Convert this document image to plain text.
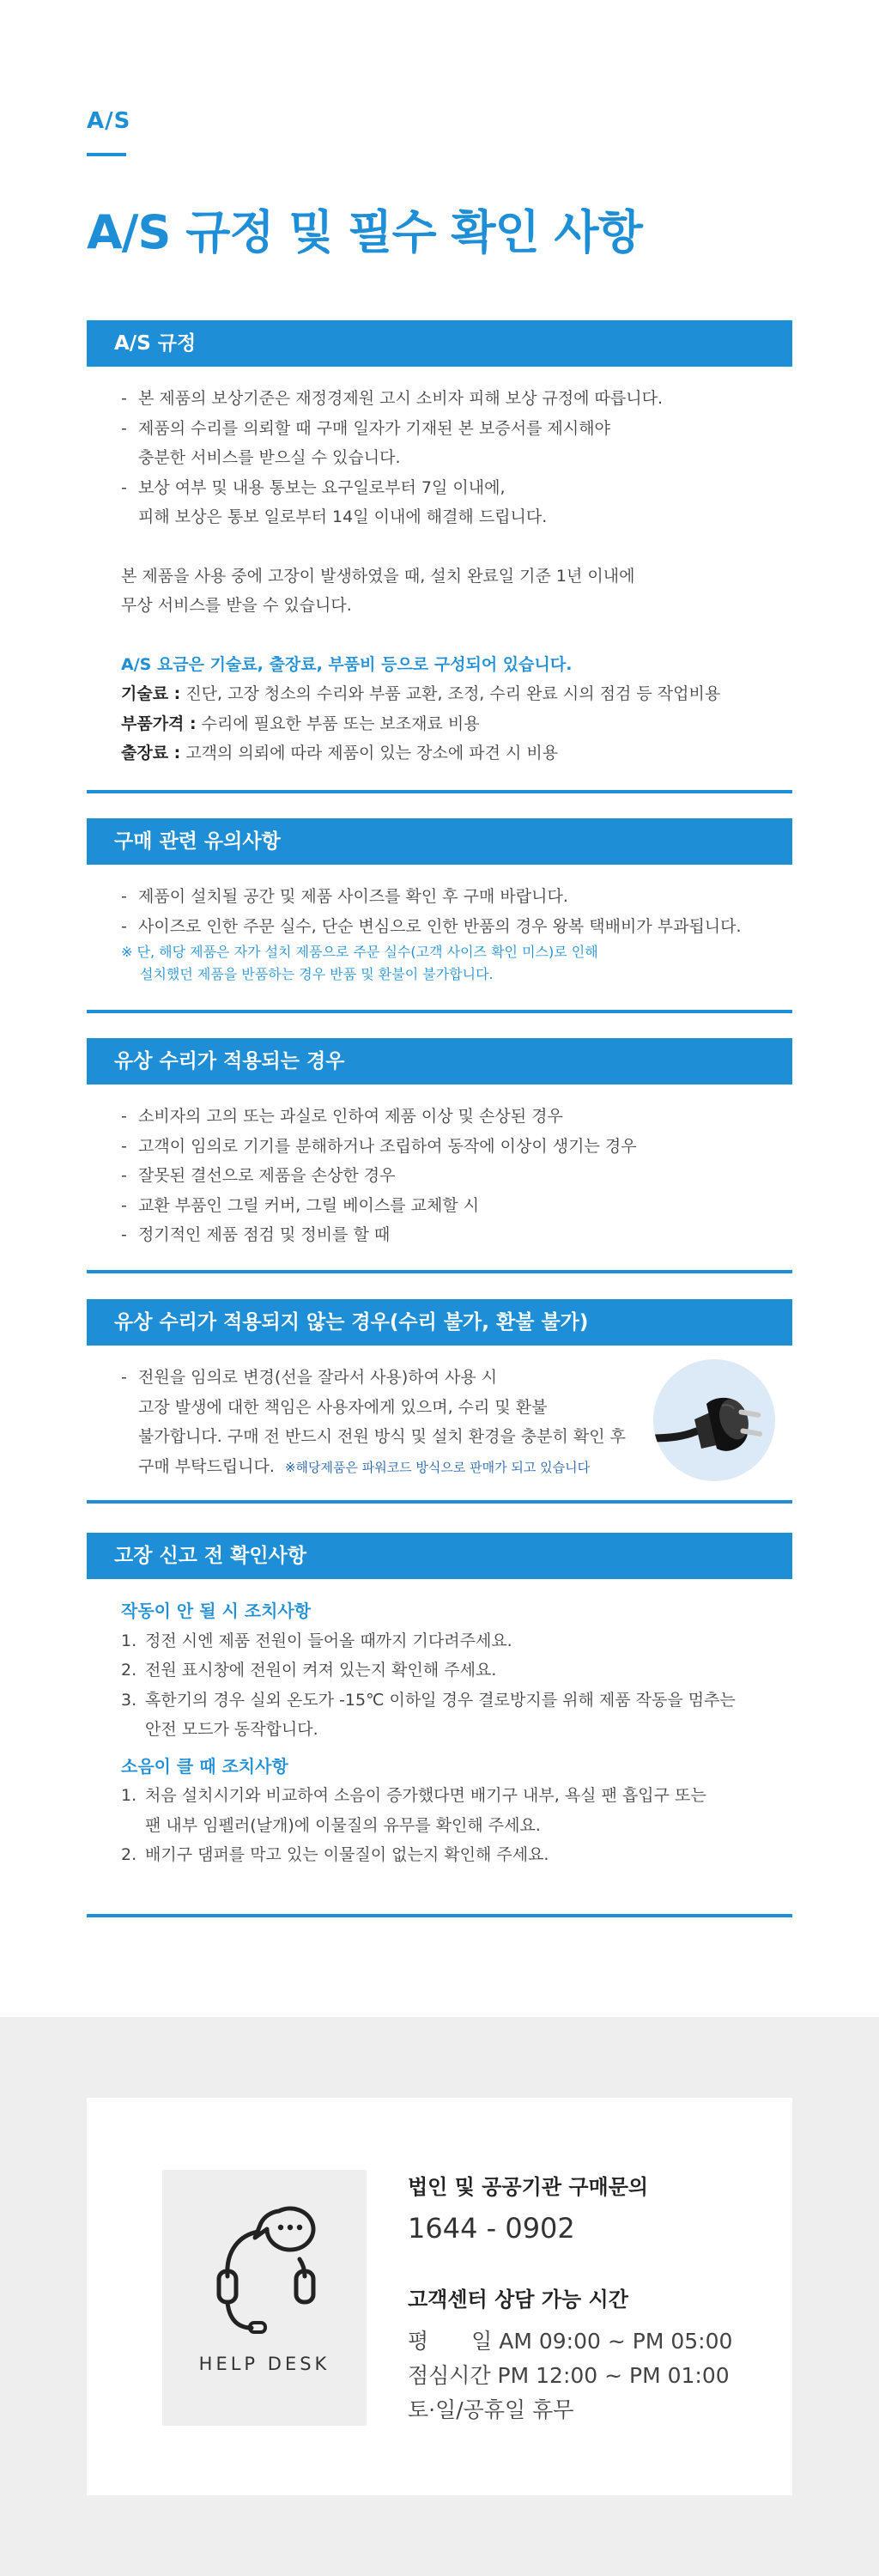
A/S
A/S 규정 및 필수 확인 사항
A/S 규정
- 본 제품의 보상기준은 재정경제원 고시 소비자 피해 보상 규정에 따릅니다.
- 제품의 수리를 의뢰할 때 구매 일자가 기재된 본 보증서를 제시해야
충분한 서비스를 받으실 수 있습니다.
- 보상 여부 및 내용 통보는 요구일로부터 7일 이내에,
피해 보상은 통보 일로부터 14일 이내에 해결해 드립니다.
본 제품을 사용 중에 고장이 발생하였을 때, 설치 완료일 기준 1년 이내에
무상 서비스를 받을 수 있습니다.
A/S 요금은 기술료, 출장료, 부품비 등으로 구성되어 있습니다.
기술료 : 진단, 고장 청소의 수리와 부품 교환, 조정, 수리 완료 시의 점검 등 작업비용
부품가격 : 수리에 필요한 부품 또는 보조재료 비용
출장료 : 고객의 의뢰에 따라 제품이 있는 장소에 파견 시 비용
구매 관련 유의사항
- 제품이 설치될 공간 및 제품 사이즈를 확인 후 구매 바랍니다.
- 사이즈로 인한 주문 실수, 단순 변심으로 인한 반품의 경우 왕복 택배비가 부과됩니다.
※ 단, 해당 제품은 자가 설치 제품으로 주문 실수(고객 사이즈 확인 미스)로 인해
설치했던 제품을 반품하는 경우 반품 및 환불이 불가합니다.
유상 수리가 적용되는 경우
- 소비자의 고의 또는 과실로 인하여 제품 이상 및 손상된 경우
- 고객이 임의로 기기를 분해하거나 조립하여 동작에 이상이 생기는 경우
- 잘못된 결선으로 제품을 손상한 경우
- 교환 부품인 그릴 커버, 그릴 베이스를 교체할 시
- 정기적인 제품 점검 및 정비를 할 때
유상 수리가 적용되지 않는 경우(수리 불가, 환불 불가)
- 전원을 임의로 변경(선을 잘라서 사용)하여 사용 시
고장 발생에 대한 책임은 사용자에게 있으며, 수리 및 환불
불가합니다. 구매 전 반드시 전원 방식 및 설치 환경을 충분히 확인 후
구매 부탁드립니다. ※해당제품은 파워코드 방식으로 판매가 되고 있습니다
고장 신고 전 확인사항
작동이 안 될 시 조치사항
1. 정전 시엔 제품 전원이 들어올 때까지 기다려주세요.
2. 전원 표시창에 전원이 켜져 있는지 확인해 주세요.
3. 혹한기의 경우 실외 온도가 -15℃ 이하일 경우 결로방지를 위해 제품 작동을 멈추는
안전 모드가 동작합니다.
소음이 클 때 조치사항
1. 처음 설치시기와 비교하여 소음이 증가했다면 배기구 내부, 욕실 팬 흡입구 또는
팬 내부 임펠러(날개)에 이물질의 유무를 확인해 주세요.
2. 배기구 댐퍼를 막고 있는 이물질이 없는지 확인해 주세요.
HELP DESK
법인 및 공공기관 구매문의
1644 - 0902
고객센터 상담 가능 시간
평　　일 AM 09:00 ~ PM 05:00
점심시간 PM 12:00 ~ PM 01:00
토·일/공휴일 휴무
